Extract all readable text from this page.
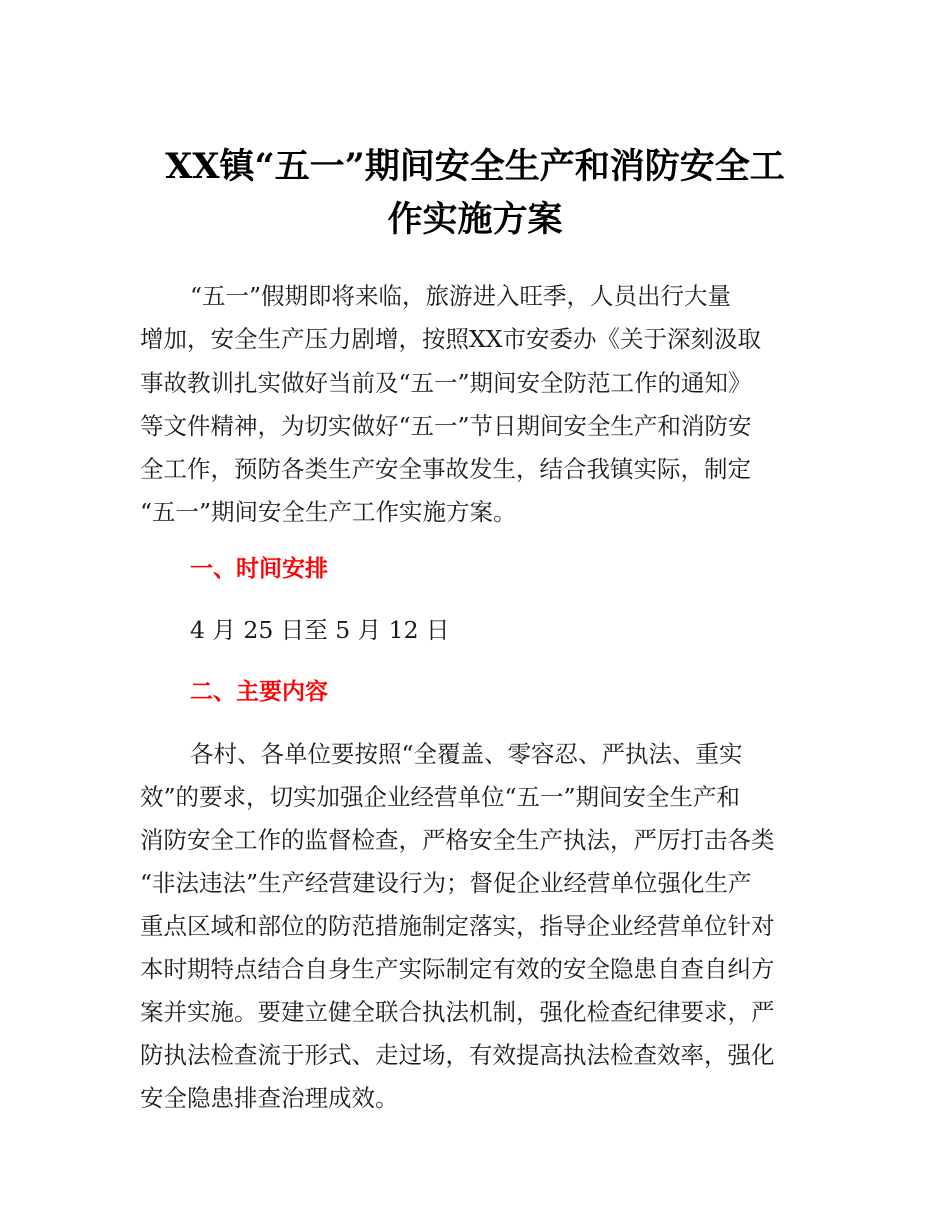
XX镇“五一”期间安全生产和消防安全工
作实施方案

“五一”假期即将来临，旅游进入旺季，人员出行大量

增加，安全生产压力剧增，按照XX市安委办《关于深刻汲取

事故教训扎实做好当前及“五一”期间安全防范工作的通知》

等文件精神，为切实做好“五一”节日期间安全生产和消防安

全工作，预防各类生产安全事故发生，结合我镇实际，制定

“五一”期间安全生产工作实施方案。

一、时间安排

4 月 25 日至 5 月 12 日

二、主要内容

各村、各单位要按照“全覆盖、零容忍、严执法、重实

效”的要求，切实加强企业经营单位“五一”期间安全生产和

消防安全工作的监督检查，严格安全生产执法，严厉打击各类

“非法违法”生产经营建设行为；督促企业经营单位强化生产

重点区域和部位的防范措施制定落实，指导企业经营单位针对

本时期特点结合自身生产实际制定有效的安全隐患自查自纠方

案并实施。要建立健全联合执法机制，强化检查纪律要求，严

防执法检查流于形式、走过场，有效提高执法检查效率，强化

安全隐患排查治理成效。
